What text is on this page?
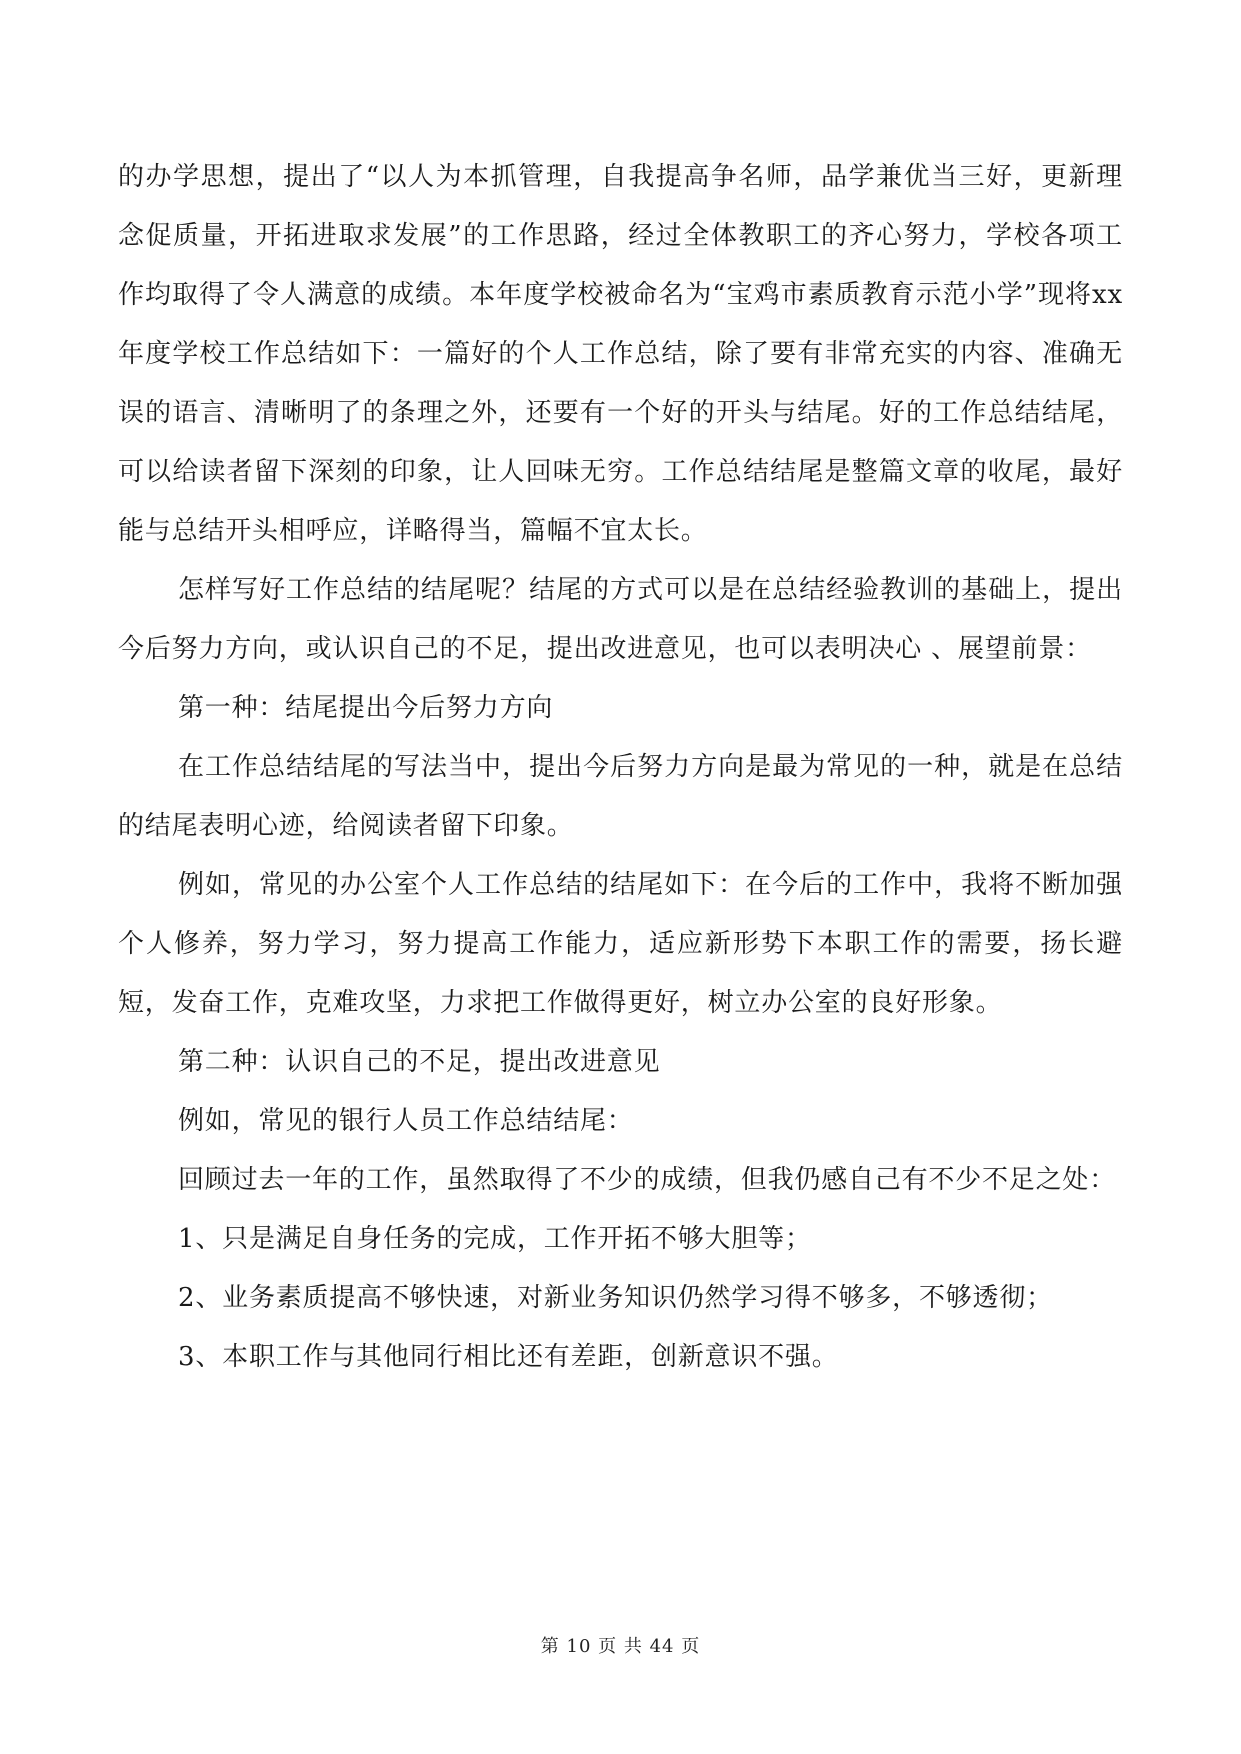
的办学思想，提出了“以人为本抓管理，自我提高争名师，品学兼优当三好，更新理念促质量，开拓进取求发展”的工作思路，经过全体教职工的齐心努力，学校各项工作均取得了令人满意的成绩。本年度学校被命名为“宝鸡市素质教育示范小学”现将xx年度学校工作总结如下：一篇好的个人工作总结，除了要有非常充实的内容、准确无误的语言、清晰明了的条理之外，还要有一个好的开头与结尾。好的工作总结结尾，可以给读者留下深刻的印象，让人回味无穷。工作总结结尾是整篇文章的收尾，最好能与总结开头相呼应，详略得当，篇幅不宜太长。

怎样写好工作总结的结尾呢？结尾的方式可以是在总结经验教训的基础上，提出今后努力方向，或认识自己的不足，提出改进意见，也可以表明决心 、展望前景：

第一种：结尾提出今后努力方向

在工作总结结尾的写法当中，提出今后努力方向是最为常见的一种，就是在总结的结尾表明心迹，给阅读者留下印象。

例如，常见的办公室个人工作总结的结尾如下：在今后的工作中，我将不断加强个人修养，努力学习，努力提高工作能力，适应新形势下本职工作的需要，扬长避短，发奋工作，克难攻坚，力求把工作做得更好，树立办公室的良好形象。

第二种：认识自己的不足，提出改进意见

例如，常见的银行人员工作总结结尾：

回顾过去一年的工作，虽然取得了不少的成绩，但我仍感自己有不少不足之处：

1、只是满足自身任务的完成，工作开拓不够大胆等；

2、业务素质提高不够快速，对新业务知识仍然学习得不够多，不够透彻；

3、本职工作与其他同行相比还有差距，创新意识不强。

第 10 页 共 44 页
